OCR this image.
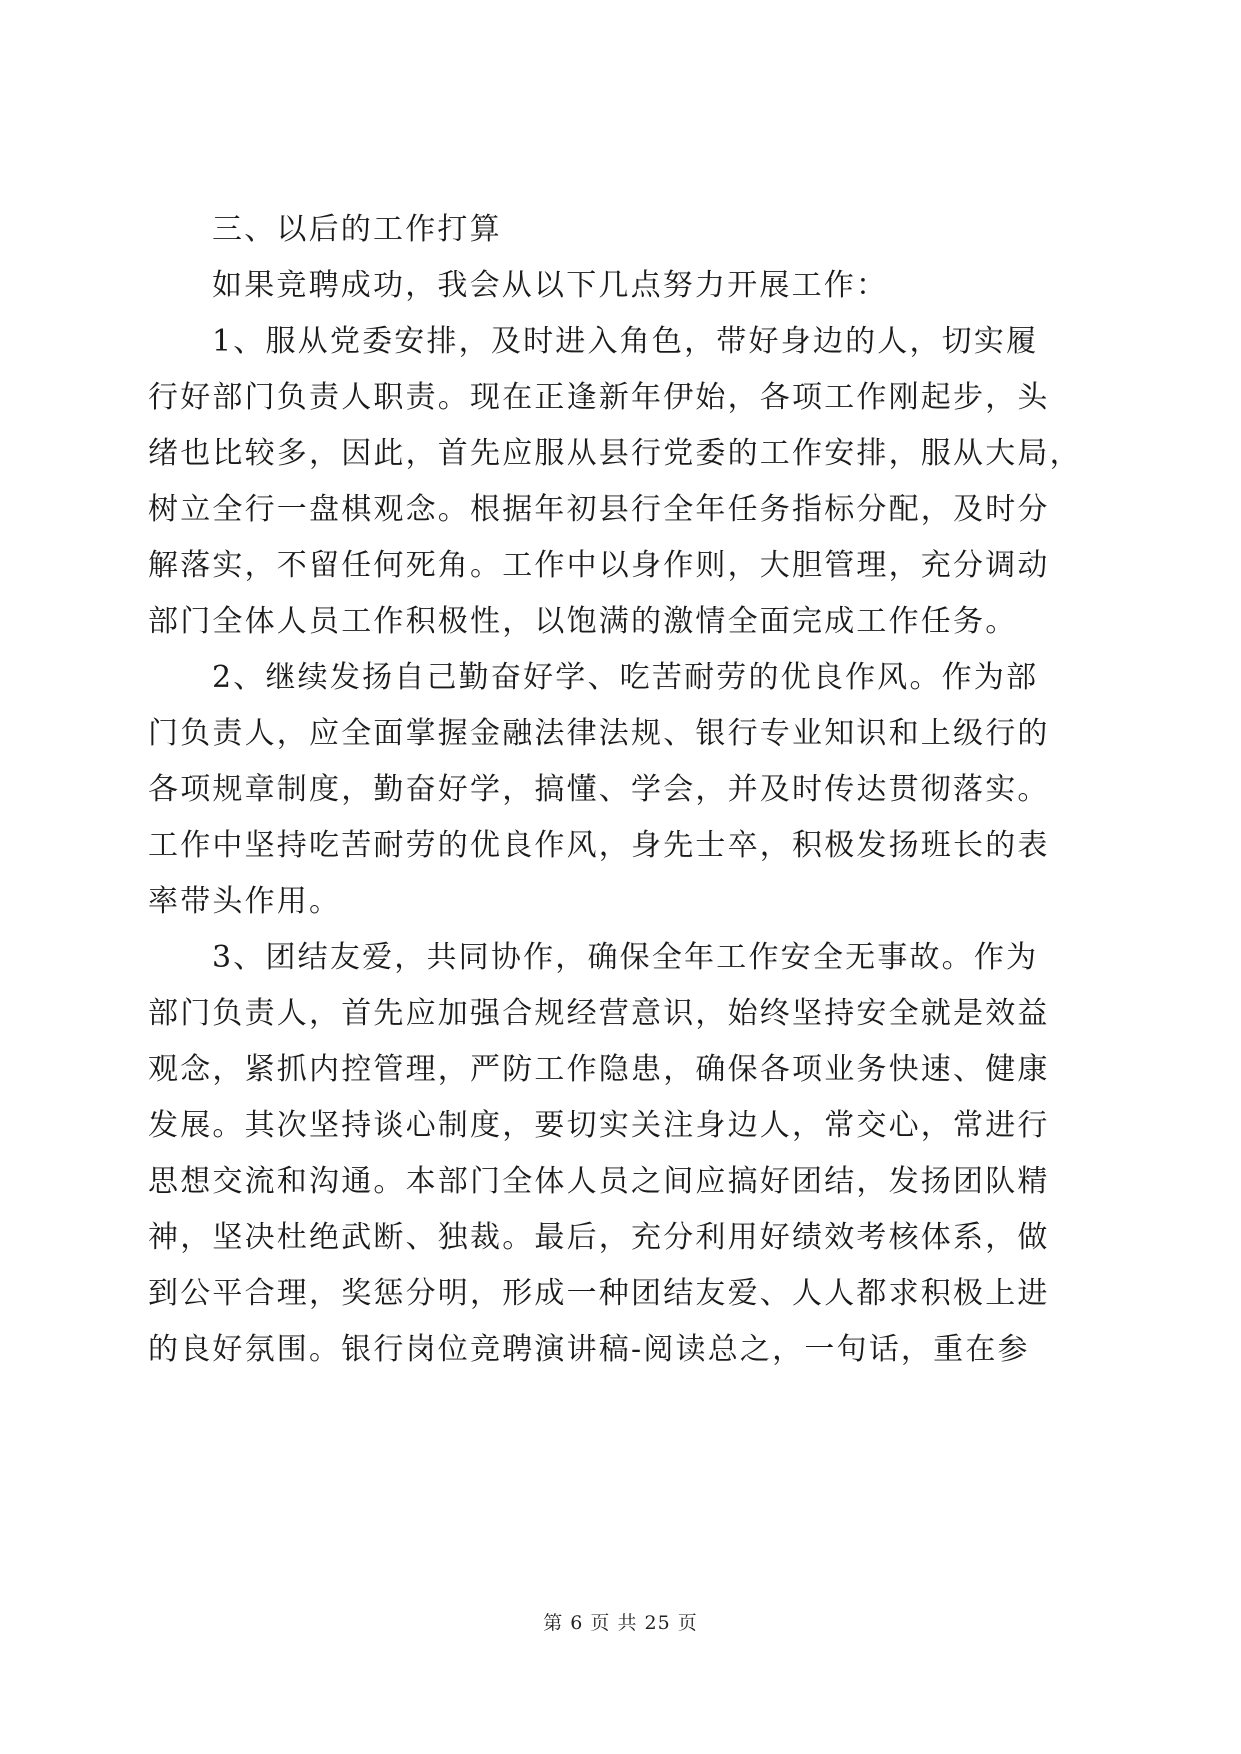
三、以后的工作打算
如果竞聘成功，我会从以下几点努力开展工作：
1、服从党委安排，及时进入角色，带好身边的人，切实履
行好部门负责人职责。现在正逢新年伊始，各项工作刚起步，头
绪也比较多，因此，首先应服从县行党委的工作安排，服从大局，
树立全行一盘棋观念。根据年初县行全年任务指标分配，及时分
解落实，不留任何死角。工作中以身作则，大胆管理，充分调动
部门全体人员工作积极性，以饱满的激情全面完成工作任务。
2、继续发扬自己勤奋好学、吃苦耐劳的优良作风。作为部
门负责人，应全面掌握金融法律法规、银行专业知识和上级行的
各项规章制度，勤奋好学，搞懂、学会，并及时传达贯彻落实。
工作中坚持吃苦耐劳的优良作风，身先士卒，积极发扬班长的表
率带头作用。
3、团结友爱，共同协作，确保全年工作安全无事故。作为
部门负责人，首先应加强合规经营意识，始终坚持安全就是效益
观念，紧抓内控管理，严防工作隐患，确保各项业务快速、健康
发展。其次坚持谈心制度，要切实关注身边人，常交心，常进行
思想交流和沟通。本部门全体人员之间应搞好团结，发扬团队精
神，坚决杜绝武断、独裁。最后，充分利用好绩效考核体系，做
到公平合理，奖惩分明，形成一种团结友爱、人人都求积极上进
的良好氛围。银行岗位竞聘演讲稿-阅读总之，一句话，重在参
第 6 页 共 25 页
